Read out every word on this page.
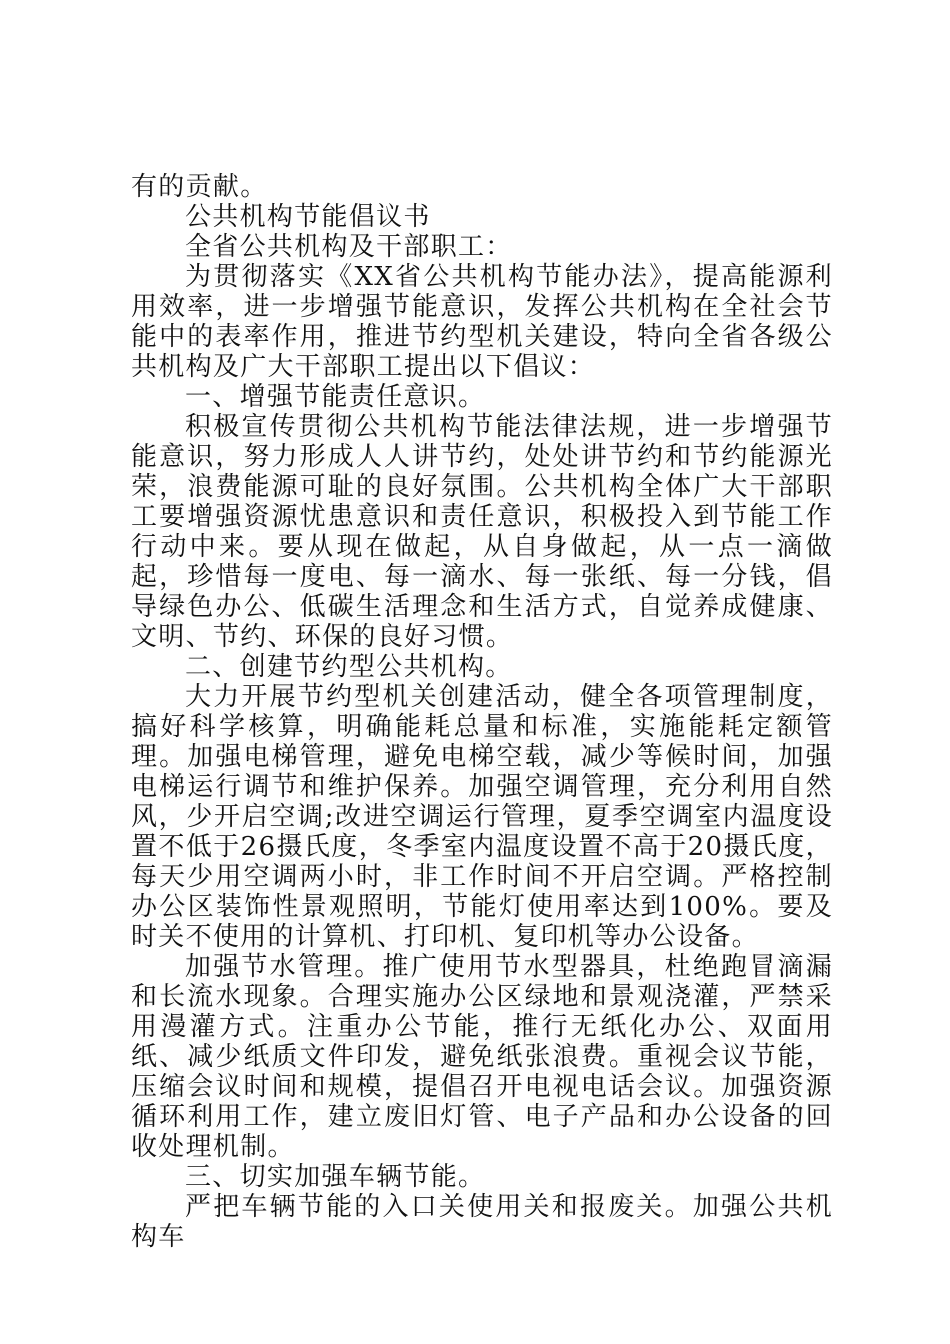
有的贡献。

公共机构节能倡议书

全省公共机构及干部职工：

为贯彻落实《XX省公共机构节能办法》，提高能源利用效率，进一步增强节能意识，发挥公共机构在全社会节能中的表率作用，推进节约型机关建设，特向全省各级公共机构及广大干部职工提出以下倡议：

一、增强节能责任意识。

积极宣传贯彻公共机构节能法律法规，进一步增强节能意识，努力形成人人讲节约，处处讲节约和节约能源光荣，浪费能源可耻的良好氛围。公共机构全体广大干部职工要增强资源忧患意识和责任意识，积极投入到节能工作行动中来。要从现在做起，从自身做起，从一点一滴做起，珍惜每一度电、每一滴水、每一张纸、每一分钱，倡导绿色办公、低碳生活理念和生活方式，自觉养成健康、文明、节约、环保的良好习惯。

二、创建节约型公共机构。

大力开展节约型机关创建活动，健全各项管理制度，搞好科学核算，明确能耗总量和标准，实施能耗定额管理。加强电梯管理，避免电梯空载，减少等候时间，加强电梯运行调节和维护保养。加强空调管理，充分利用自然风，少开启空调;改进空调运行管理，夏季空调室内温度设置不低于26摄氏度，冬季室内温度设置不高于20摄氏度，每天少用空调两小时，非工作时间不开启空调。严格控制办公区装饰性景观照明，节能灯使用率达到100%。要及时关不使用的计算机、打印机、复印机等办公设备。

加强节水管理。推广使用节水型器具，杜绝跑冒滴漏和长流水现象。合理实施办公区绿地和景观浇灌，严禁采用漫灌方式。注重办公节能，推行无纸化办公、双面用纸、减少纸质文件印发，避免纸张浪费。重视会议节能，压缩会议时间和规模，提倡召开电视电话会议。加强资源循环利用工作，建立废旧灯管、电子产品和办公设备的回收处理机制。

三、切实加强车辆节能。

严把车辆节能的入口关使用关和报废关。加强公共机构车
